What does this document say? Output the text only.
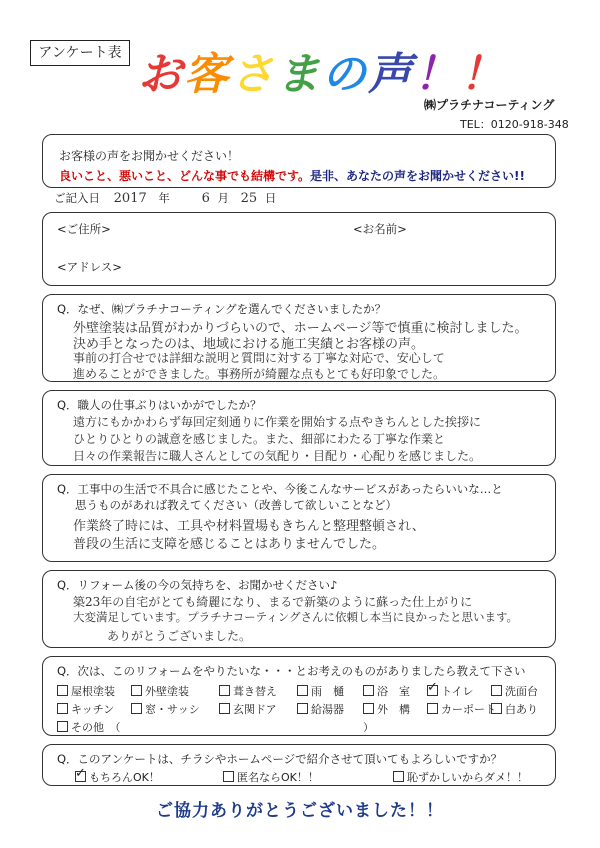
アンケート表 お客さまの声！！
㈱プラチナコーティング
TEL：0120-918-348
お客様の声をお聞かせください！
良いこと、悪いこと、どんな事でも結構です。是非、あなたの声をお聞かせください!!
ご記入日 2017 年 6 月 25 日
<ご住所>	<お名前>
<アドレス>
Q．なぜ、㈱プラチナコーティングを選んでくださいましたか？
外壁塗装は品質がわかりづらいので、ホームページ等で慎重に検討しました。
決め手となったのは、地域における施工実績とお客様の声。
事前の打合せでは詳細な説明と質問に対する丁寧な対応で、安心して
進めることができました。事務所が綺麗な点もとても好印象でした。
Q．職人の仕事ぶりはいかがでしたか？
遠方にもかかわらず毎回定刻通りに作業を開始する点やきちんとした挨拶に
ひとりひとりの誠意を感じました。また、細部にわたる丁寧な作業と
日々の作業報告に職人さんとしての気配り・目配り・心配りを感じました。
Q．工事中の生活で不具合に感じたことや、今後こんなサービスがあったらいいな…と
思うものがあれば教えてください（改善して欲しいことなど）
作業終了時には、工具や材料置場もきちんと整理整頓され、
普段の生活に支障を感じることはありませんでした。
Q．リフォーム後の今の気持ちを、お聞かせください♪
築23年の自宅がとても綺麗になり、まるで新築のように蘇った仕上がりに
大変満足しています。プラチナコーティングさんに依頼し本当に良かったと思います。
ありがとうございました。
Q．次は、このリフォームをやりたいな・・・とお考えのものがありましたら教えて下さい
屋根塗装	外壁塗装	葺き替え	雨　樋	浴　室
✓	トイレ	洗面台
キッチン	窓・サッシ	玄関ドア	給湯器	外　構	カーポート 白あり
その他　（	）
Q．このアンケートは、チラシやホームページで紹介させて頂いてもよろしいですか？
✓もちろんOK！	匿名ならOK！！	恥ずかしいからダメ！！
ご協力ありがとうございました！！
